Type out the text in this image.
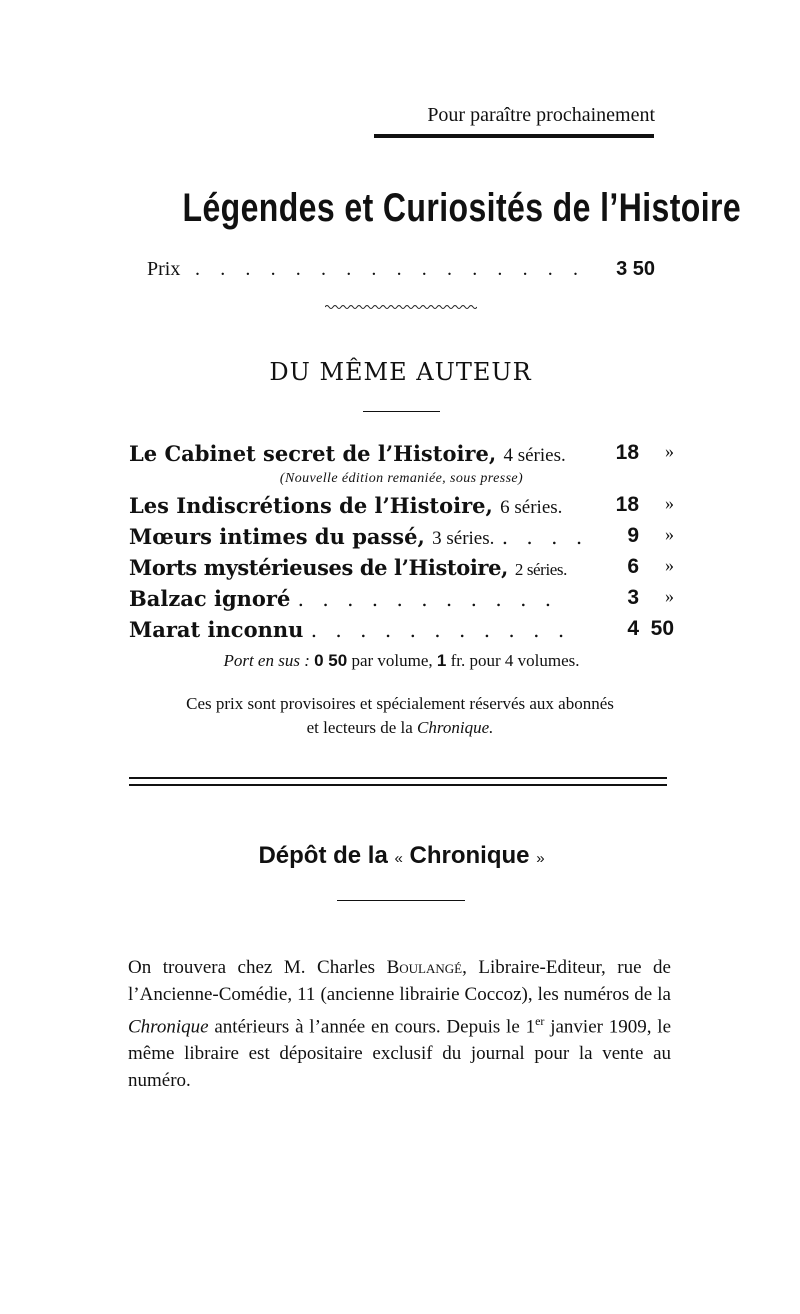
Pour paraître prochainement
Légendes et Curiosités de l’Histoire
Prix . . . . . . . . . . . . . . . . 3 50
DU MÊME AUTEUR
Le Cabinet secret de l’Histoire, 4 séries. 18 »
(Nouvelle édition remaniée, sous presse)
Les Indiscrétions de l’Histoire, 6 séries.	18 »
Mœurs intimes du passé, 3 séries. . . . . 9 »
Morts mystérieuses de l’Histoire, 2 séries.	6 »
Balzac ignoré . . . . . . . . . . .	3 »
Marat inconnu . . . . . . . . . . .	4 50
Port en sus : 0 50 par volume, 1 fr. pour 4 volumes.
Ces prix sont provisoires et spécialement réservés aux abonnés
et lecteurs de la Chronique.
Dépôt de la « Chronique »
On trouvera chez M. Charles Boulangé, Libraire-Editeur, rue de l’Ancienne-Comédie, 11 (ancienne librairie Coccoz), les numéros de la Chronique antérieurs à l’année en cours. Depuis le 1er janvier 1909, le même libraire est dépositaire exclusif du journal pour la vente au numéro.
